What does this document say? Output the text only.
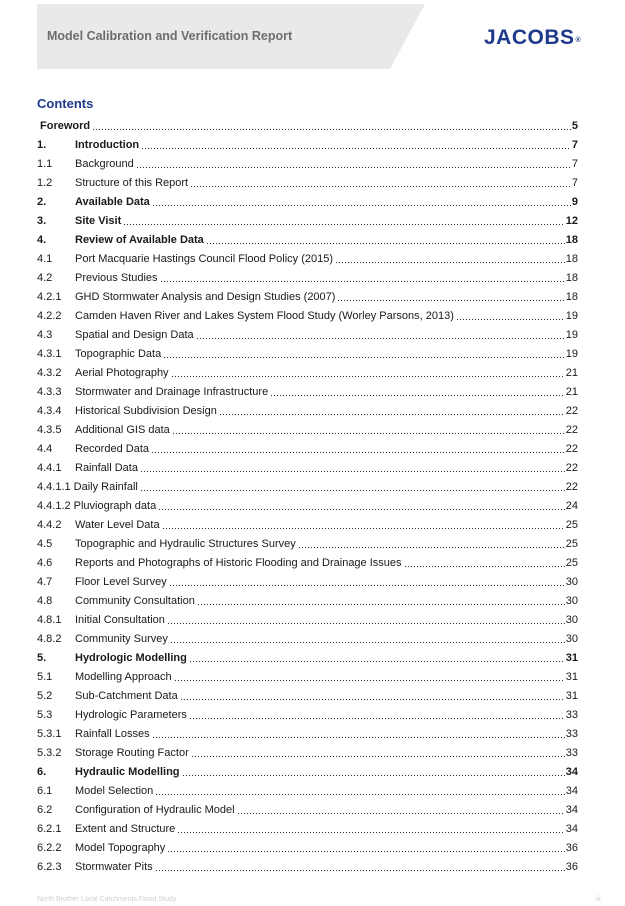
Model Calibration and Verification Report	JACOBS®
Contents
Foreword	5
1.	Introduction	7
1.1	Background	7
1.2	Structure of this Report	7
2.	Available Data	9
3.	Site Visit	12
4.	Review of Available Data	18
4.1	Port Macquarie Hastings Council Flood Policy (2015)	18
4.2	Previous Studies	18
4.2.1	GHD Stormwater Analysis and Design Studies (2007)	18
4.2.2	Camden Haven River and Lakes System Flood Study (Worley Parsons, 2013)	19
4.3	Spatial and Design Data	19
4.3.1	Topographic Data	19
4.3.2	Aerial Photography	21
4.3.3	Stormwater and Drainage Infrastructure	21
4.3.4	Historical Subdivision Design	22
4.3.5	Additional GIS data	22
4.4	Recorded Data	22
4.4.1	Rainfall Data	22
4.4.1.1 Daily Rainfall	22
4.4.1.2 Pluviograph data	24
4.4.2	Water Level Data	25
4.5	Topographic and Hydraulic Structures Survey	25
4.6	Reports and Photographs of Historic Flooding and Drainage Issues	25
4.7	Floor Level Survey	30
4.8	Community Consultation	30
4.8.1	Initial Consultation	30
4.8.2	Community Survey	30
5.	Hydrologic Modelling	31
5.1	Modelling Approach	31
5.2	Sub-Catchment Data	31
5.3	Hydrologic Parameters	33
5.3.1	Rainfall Losses	33
5.3.2	Storage Routing Factor	33
6.	Hydraulic Modelling	34
6.1	Model Selection	34
6.2	Configuration of Hydraulic Model	34
6.2.1	Extent and Structure	34
6.2.2	Model Topography	36
6.2.3	Stormwater Pits	36
North Brother Local Catchments Flood Study	iii
